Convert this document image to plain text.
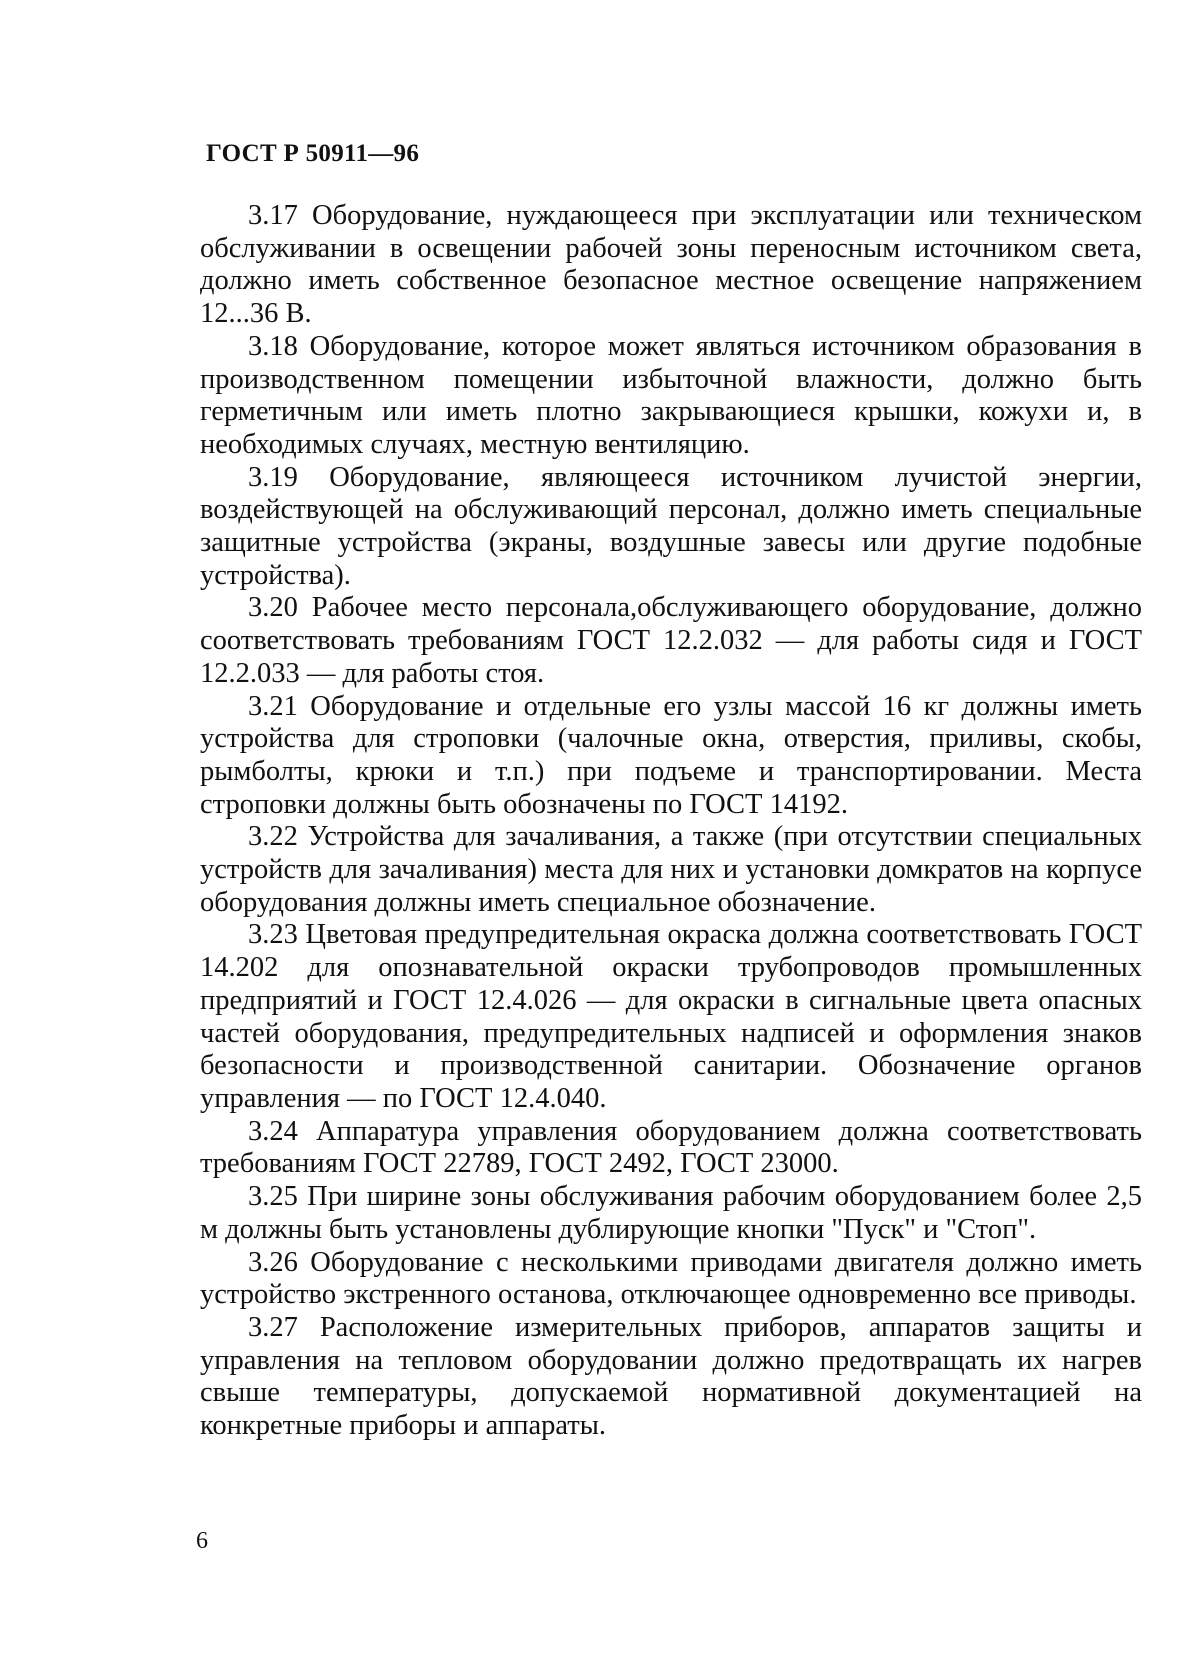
ГОСТ Р 50911—96

3.17 Оборудование, нуждающееся при эксплуатации или техническом обслуживании в освещении рабочей зоны переносным источником света, должно иметь собственное безопасное местное освещение напряжением 12...36 В.

3.18 Оборудование, которое может являться источником образования в производственном помещении избыточной влажности, должно быть герметичным или иметь плотно закрывающиеся крышки, кожухи и, в необходимых случаях, местную вентиляцию.

3.19 Оборудование, являющееся источником лучистой энергии, воздействующей на обслуживающий персонал, должно иметь специальные защитные устройства (экраны, воздушные завесы или другие подобные устройства).

3.20 Рабочее место персонала,обслуживающего оборудование, должно соответствовать требованиям ГОСТ 12.2.032 — для работы сидя и ГОСТ 12.2.033 — для работы стоя.

3.21 Оборудование и отдельные его узлы массой 16 кг должны иметь устройства для строповки (чалочные окна, отверстия, приливы, скобы, рымболты, крюки и т.п.) при подъеме и транспортировании. Места строповки должны быть обозначены по ГОСТ 14192.

3.22 Устройства для зачаливания, а также (при отсутствии специальных устройств для зачаливания) места для них и установки домкратов на корпусе оборудования должны иметь специальное обозначение.

3.23 Цветовая предупредительная окраска должна соответствовать ГОСТ 14.202 для опознавательной окраски трубопроводов промышленных предприятий и ГОСТ 12.4.026 — для окраски в сигнальные цвета опасных частей оборудования, предупредительных надписей и оформления знаков безопасности и производственной санитарии. Обозначение органов управления — по ГОСТ 12.4.040.

3.24 Аппаратура управления оборудованием должна соответствовать требованиям ГОСТ 22789, ГОСТ 2492, ГОСТ 23000.

3.25 При ширине зоны обслуживания рабочим оборудованием более 2,5 м должны быть установлены дублирующие кнопки "Пуск" и "Стоп".

3.26 Оборудование с несколькими приводами двигателя должно иметь устройство экстренного останова, отключающее одновременно все приводы.

3.27 Расположение измерительных приборов, аппаратов защиты и управления на тепловом оборудовании должно предотвращать их нагрев свыше температуры, допускаемой нормативной документацией на конкретные приборы и аппараты.

6
